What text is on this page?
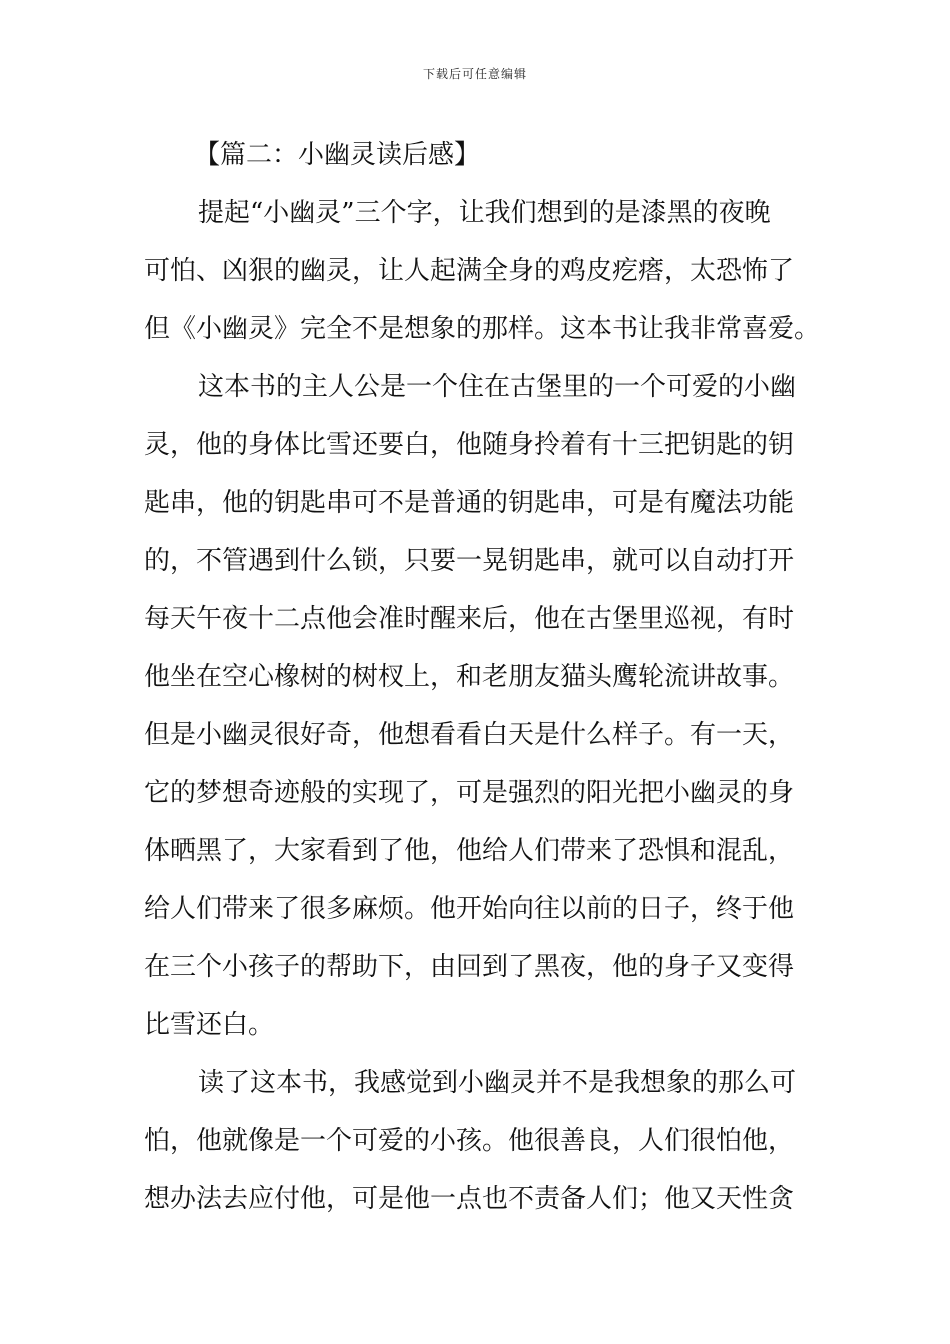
下载后可任意编辑
【篇二：小幽灵读后感】
提起“小幽灵”三个字，让我们想到的是漆黑的夜晚
可怕、凶狠的幽灵，让人起满全身的鸡皮疙瘩，太恐怖了
但《小幽灵》完全不是想象的那样。这本书让我非常喜爱。
这本书的主人公是一个住在古堡里的一个可爱的小幽
灵，他的身体比雪还要白，他随身拎着有十三把钥匙的钥
匙串，他的钥匙串可不是普通的钥匙串，可是有魔法功能
的，不管遇到什么锁，只要一晃钥匙串，就可以自动打开
每天午夜十二点他会准时醒来后，他在古堡里巡视，有时
他坐在空心橡树的树杈上，和老朋友猫头鹰轮流讲故事。
但是小幽灵很好奇，他想看看白天是什么样子。有一天，
它的梦想奇迹般的实现了，可是强烈的阳光把小幽灵的身
体晒黑了，大家看到了他，他给人们带来了恐惧和混乱，
给人们带来了很多麻烦。他开始向往以前的日子，终于他
在三个小孩子的帮助下，由回到了黑夜，他的身子又变得
比雪还白。
读了这本书，我感觉到小幽灵并不是我想象的那么可
怕，他就像是一个可爱的小孩。他很善良，人们很怕他，
想办法去应付他，可是他一点也不责备人们；他又天性贪
